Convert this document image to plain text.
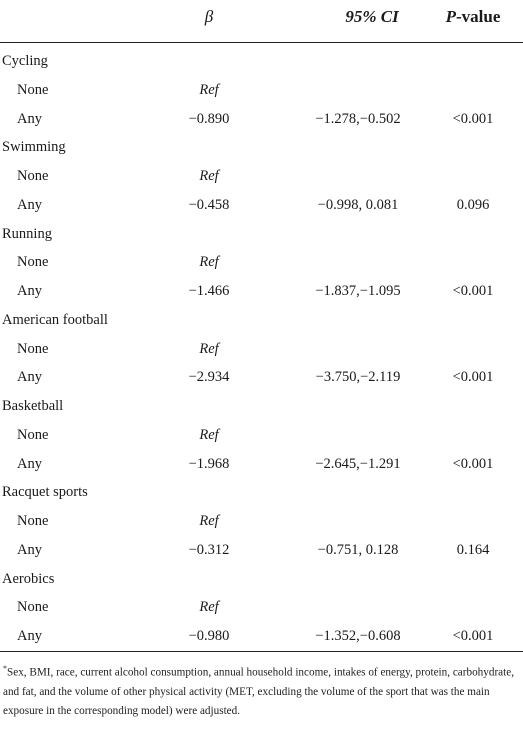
β	95% CI	P-value
Cycling
None	Ref
Any	−0.890	−1.278,−0.502	<0.001
Swimming
None	Ref
Any	−0.458	−0.998, 0.081	0.096
Running
None	Ref
Any	−1.466	−1.837,−1.095	<0.001
American football
None	Ref
Any	−2.934	−3.750,−2.119	<0.001
Basketball
None	Ref
Any	−1.968	−2.645,−1.291	<0.001
Racquet sports
None	Ref
Any	−0.312	−0.751, 0.128	0.164
Aerobics
None	Ref
Any	−0.980	−1.352,−0.608	<0.001
*Sex, BMI, race, current alcohol consumption, annual household income, intakes of energy, protein, carbohydrate, and fat, and the volume of other physical activity (MET, excluding the volume of the sport that was the main exposure in the corresponding model) were adjusted.
